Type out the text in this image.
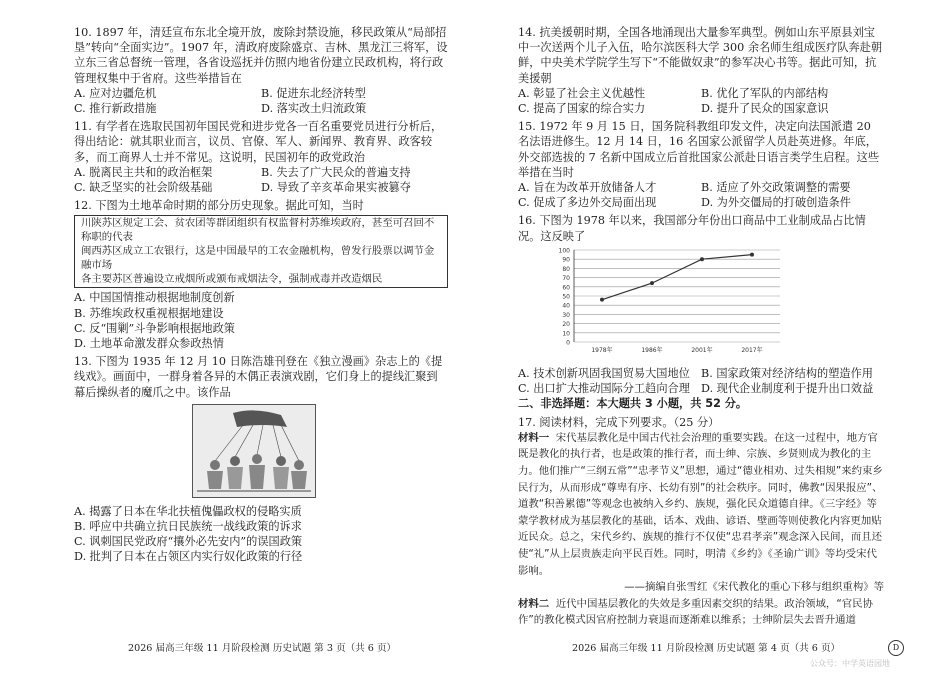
10. 1897 年，清廷宣布东北全境开放，废除封禁设施，移民政策从“局部招垦”转向“全面实边”。1907 年，清政府废除盛京、吉林、黑龙江三将军，设立东三省总督统一管理，各省设巡抚并仿照内地省份建立民政机构，将行政管理权集中于省府。这些举措旨在

A. 应对边疆危机	B. 促进东北经济转型
C. 推行新政措施	D. 落实改土归流政策

11. 有学者在选取民国初年国民党和进步党各一百名重要党员进行分析后，得出结论：就其职业而言，议员、官僚、军人、新闻界、教育界、政客较多，而工商界人士并不常见。这说明，民国初年的政党政治

A. 脱离民主共和的政治框架	B. 失去了广大民众的普遍支持
C. 缺乏坚实的社会阶级基础	D. 导致了辛亥革命果实被篡夺

12. 下图为土地革命时期的部分历史现象。据此可知，当时

川陕苏区规定工会、贫农团等群团组织有权监督村苏维埃政府，甚至可召回不称职的代表

闽西苏区成立工农银行，这是中国最早的工农金融机构，曾发行股票以调节金融市场

各主要苏区普遍设立戒烟所或颁布戒烟法令，强制戒毒并改造烟民

A. 中国国情推动根据地制度创新

B. 苏维埃政权重视根据地建设

C. 反“围剿”斗争影响根据地政策

D. 土地革命激发群众参政热情

13. 下图为 1935 年 12 月 10 日陈浩雄刊登在《独立漫画》杂志上的《提线戏》。画面中，一群身着各异的木偶正表演戏剧，它们身上的提线汇聚到幕后操纵者的魔爪之中。该作品

A. 揭露了日本在华北扶植傀儡政权的侵略实质

B. 呼应中共确立抗日民族统一战线政策的诉求

C. 讽刺国民党政府“攘外必先安内”的误国政策

D. 批判了日本在占领区内实行奴化政策的行径

2026 届高三年级 11 月阶段检测 历史试题 第 3 页（共 6 页）

14. 抗美援朝时期，全国各地涌现出大量参军典型。例如山东平原县刘宝中一次送两个儿子入伍，哈尔滨医科大学 300 余名师生组成医疗队奔赴朝鲜，中央美术学院学生写下“不能做奴隶”的参军决心书等。据此可知，抗美援朝

A. 彰显了社会主义优越性	B. 优化了军队的内部结构
C. 提高了国家的综合实力	D. 提升了民众的国家意识

15. 1972 年 9 月 15 日，国务院科教组印发文件，决定向法国派遣 20 名法语进修生。12 月 14 日，16 名国家公派留学人员赴英进修。年底，外交部选拔的 7 名新中国成立后首批国家公派赴日语言类学生启程。这些举措在当时

A. 旨在为改革开放储备人才	B. 适应了外交政策调整的需要
C. 促成了多边外交局面出现	D. 为外交僵局的打破创造条件

16. 下图为 1978 年以来，我国部分年份出口商品中工业制成品占比情况。这反映了

0
10
20
30
40
50
60
70
80
90
100
1978年	1986年	2001年	2017年
A. 技术创新巩固我国贸易大国地位 B. 国家政策对经济结构的塑造作用
C. 出口扩大推动国际分工趋向合理 D. 现代企业制度利于提升出口效益

二、非选择题：本大题共 3 小题，共 52 分。

17. 阅读材料，完成下列要求。（25 分）

材料一 宋代基层教化是中国古代社会治理的重要实践。在这一过程中，地方官既是教化的执行者，也是政策的推行者，而士绅、宗族、乡贤则成为教化的主力。他们推广“三纲五常”“忠孝节义”思想，通过“德业相劝、过失相规”来约束乡民行为，从而形成“尊卑有序、长幼有别”的社会秩序。同时，佛教“因果报应”、道教“积善累德”等观念也被纳入乡约、族规，强化民众道德自律。《三字经》等蒙学教材成为基层教化的基础，话本、戏曲、谚语、壁画等则使教化内容更加贴近民众。总之，宋代乡约、族规的推行不仅使“忠君孝亲”观念深入民间，而且还使“礼”从上层贵族走向平民百姓。同时，明清《乡约》《圣谕广训》等均受宋代影响。

——摘编自张雪红《宋代教化的重心下移与组织重构》等

材料二 近代中国基层教化的失效是多重因素交织的结果。政治领域，“官民协作”的教化模式因官府控制力衰退而逐渐难以维系；士绅阶层失去晋升通道
2026 届高三年级 11 月阶段检测 历史试题 第 4 页（共 6 页）	D
公众号：中学英语园地
